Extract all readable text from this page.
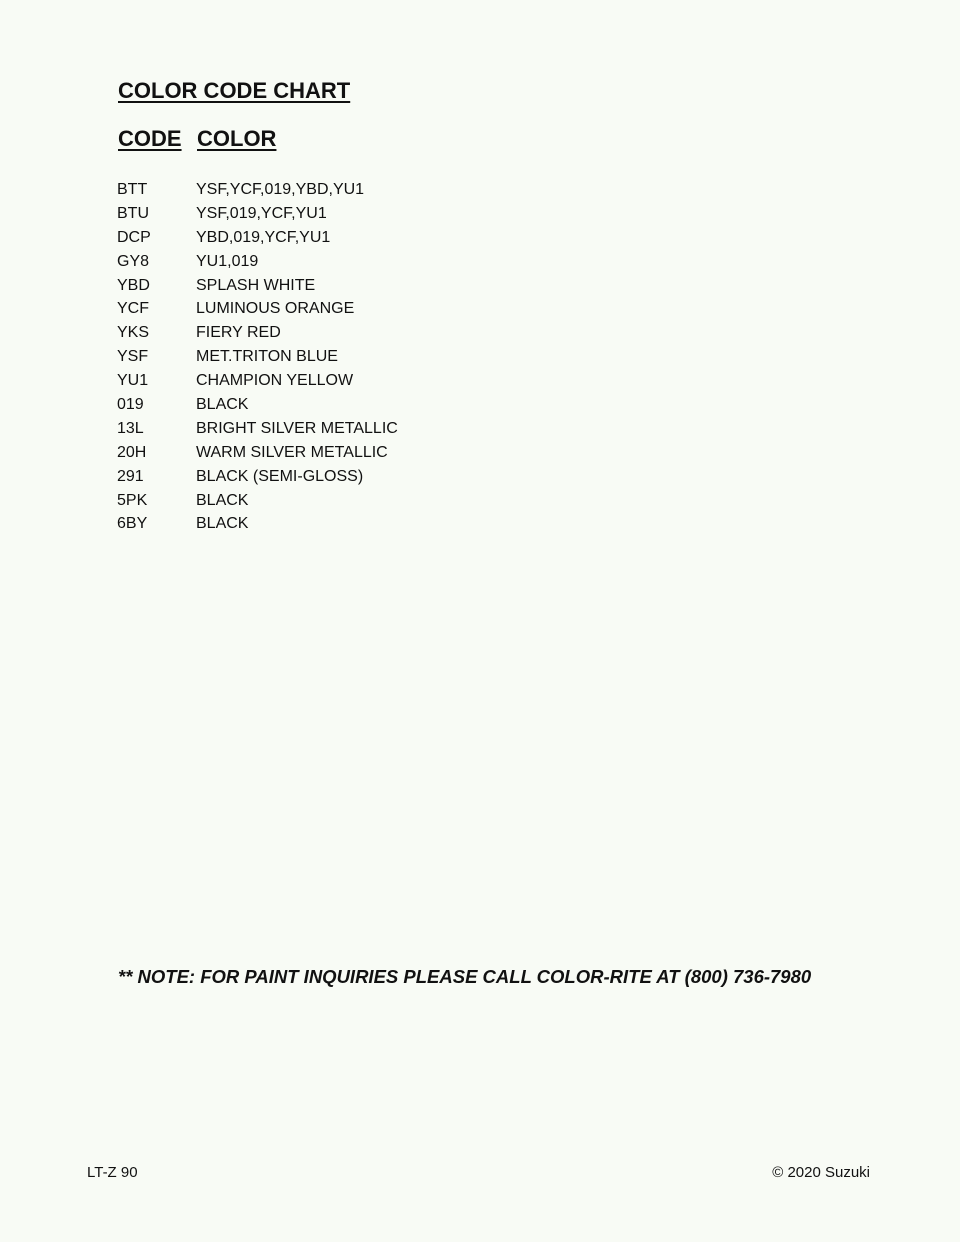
COLOR CODE CHART
CODE COLOR
BTT	YSF,YCF,019,YBD,YU1
BTU	YSF,019,YCF,YU1
DCP	YBD,019,YCF,YU1
GY8	YU1,019
YBD	SPLASH WHITE
YCF	LUMINOUS ORANGE
YKS	FIERY RED
YSF	MET.TRITON BLUE
YU1	CHAMPION YELLOW
019	BLACK
13L	BRIGHT SILVER METALLIC
20H	WARM SILVER METALLIC
291	BLACK (SEMI-GLOSS)
5PK	BLACK
6BY	BLACK
** NOTE: FOR PAINT INQUIRIES PLEASE CALL COLOR-RITE AT (800) 736-7980
LT-Z 90	© 2020 Suzuki
